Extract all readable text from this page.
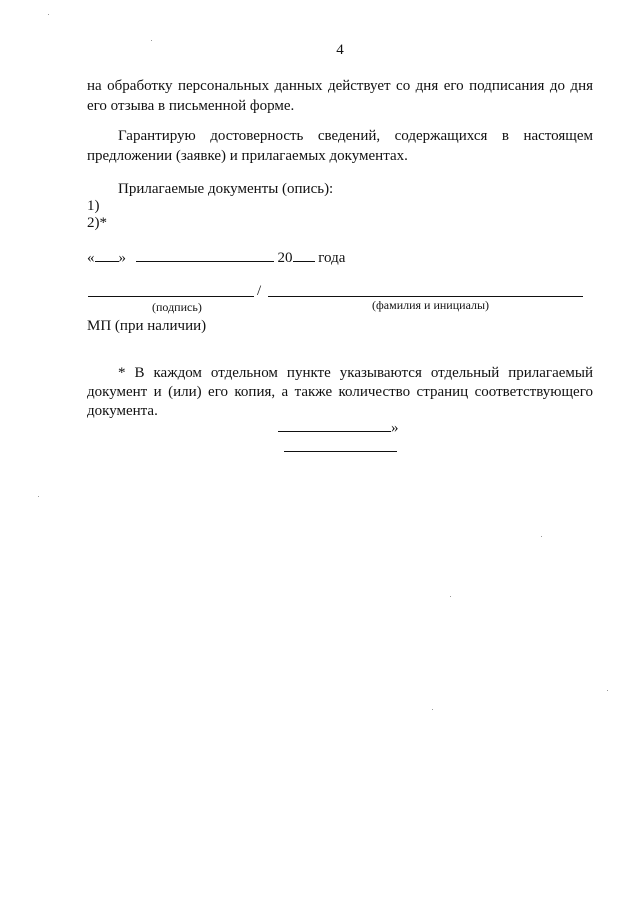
4

на обработку персональных данных действует со дня его подписания до дня его отзыва в письменной форме.

Гарантирую достоверность сведений, содержащихся в настоящем предложении (заявке) и прилагаемых документах.

Прилагаемые документы (опись):
1)
2)*
« »	20 года
/
(подпись)	(фамилия и инициалы)
МП (при наличии)

* В каждом отдельном пункте указываются отдельный прилагаемый документ и (или) его копия, а также количество страниц соответствующего документа.

»
